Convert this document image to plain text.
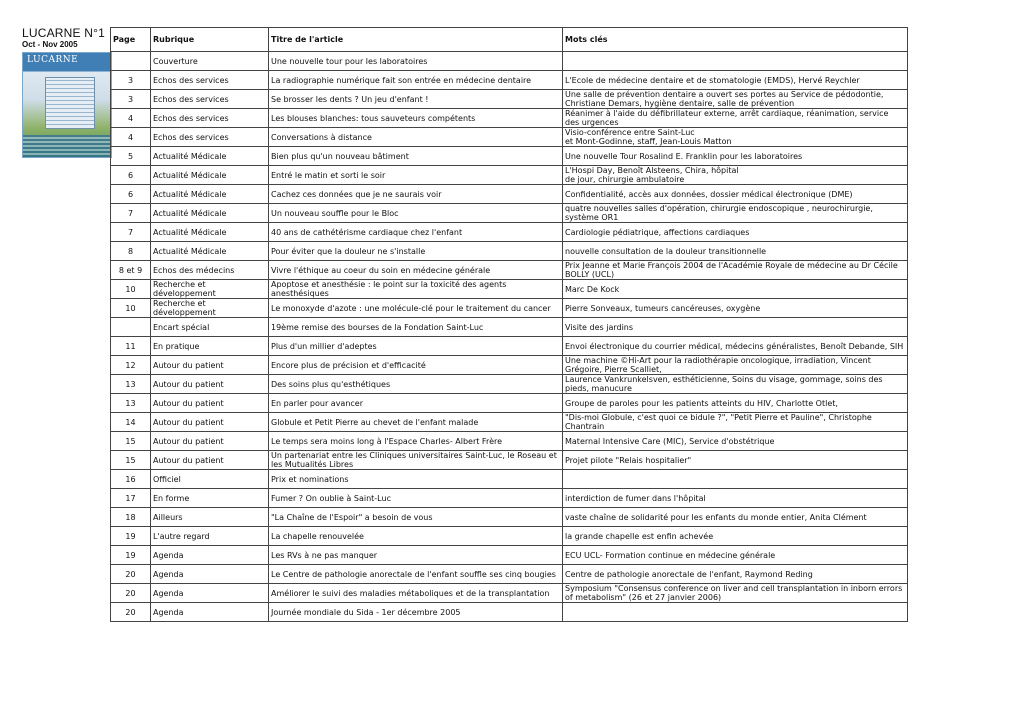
LUCARNE N°1
Oct - Nov 2005
LUCARNE
Page	Rubrique	Titre de l'article	Mots clés
	Couverture	Une nouvelle tour pour les laboratoires	
3	Echos des services	La radiographie numérique fait son entrée en médecine dentaire	L'Ecole de médecine dentaire et de stomatologie (EMDS), Hervé Reychler
3	Echos des services	Se brosser les dents ? Un jeu d'enfant !	Une salle de prévention dentaire a ouvert ses portes au Service de pédodontie, Christiane Demars, hygiène dentaire, salle de prévention
4	Echos des services	Les blouses blanches: tous sauveteurs compétents	Réanimer à l'aide du défibrillateur externe, arrêt cardiaque, réanimation, service des urgences
4	Echos des services	Conversations à distance	Visio-conférence entre Saint-Luc
et Mont-Godinne, staff, Jean-Louis Matton
5	Actualité Médicale	Bien plus qu'un nouveau bâtiment	Une nouvelle Tour Rosalind E. Franklin pour les laboratoires
6	Actualité Médicale	Entré le matin et sorti le soir	L'Hospi Day, Benoît Alsteens, Chira, hôpital
de jour, chirurgie ambulatoire
6	Actualité Médicale	Cachez ces données que je ne saurais voir	Confidentialité, accès aux données, dossier médical électronique (DME)
7	Actualité Médicale	Un nouveau souffle pour le Bloc	quatre nouvelles salles d'opération, chirurgie endoscopique , neurochirurgie, système OR1
7	Actualité Médicale	40 ans de cathétérisme cardiaque chez l'enfant	Cardiologie pédiatrique, affections cardiaques
8	Actualité Médicale	Pour éviter que la douleur ne s'installe	nouvelle consultation de la douleur transitionnelle
8 et 9	Echos des médecins	Vivre l'éthique au coeur du soin en médecine générale	Prix Jeanne et Marie François 2004 de l'Académie Royale de médecine au Dr Cécile BOLLY (UCL)
10	Recherche et développement	Apoptose et anesthésie : le point sur la toxicité des agents anesthésiques	Marc De Kock
10	Recherche et développement	Le monoxyde d'azote : une molécule-clé pour le traitement du cancer	Pierre Sonveaux, tumeurs cancéreuses, oxygène
	Encart spécial	19ème remise des bourses de la Fondation Saint-Luc	Visite des jardins
11	En pratique	Plus d'un millier d'adeptes	Envoi électronique du courrier médical, médecins généralistes, Benoît Debande, SIH
12	Autour du patient	Encore plus de précision et d'efficacité	Une machine ©Hi-Art pour la radiothérapie oncologique, irradiation, Vincent Grégoire, Pierre Scalliet,
13	Autour du patient	Des soins plus qu'esthétiques	Laurence Vankrunkelsven, esthéticienne, Soins du visage, gommage, soins des pieds, manucure
13	Autour du patient	En parler pour avancer	Groupe de paroles pour les patients atteints du HIV, Charlotte Otlet,
14	Autour du patient	Globule et Petit Pierre au chevet de l'enfant malade	"Dis-moi Globule, c'est quoi ce bidule ?", "Petit Pierre et Pauline", Christophe Chantrain
15	Autour du patient	Le temps sera moins long à l'Espace Charles- Albert Frère	Maternal Intensive Care (MIC), Service d'obstétrique
15	Autour du patient	Un partenariat entre les Cliniques universitaires Saint-Luc, le Roseau et les Mutualités Libres	Projet pilote "Relais hospitalier"
16	Officiel	Prix et nominations	
17	En forme	Fumer ? On oublie à Saint-Luc	interdiction de fumer dans l'hôpital
18	Ailleurs	"La Chaîne de l'Espoir" a besoin de vous	vaste chaîne de solidarité pour les enfants du monde entier, Anita Clément
19	L'autre regard	La chapelle renouvelée	la grande chapelle est enfin achevée
19	Agenda	Les RVs à ne pas manquer	ECU UCL- Formation continue en médecine générale
20	Agenda	Le Centre de pathologie anorectale de l'enfant souffle ses cinq bougies	Centre de pathologie anorectale de l'enfant, Raymond Reding
20	Agenda	Améliorer le suivi des maladies métaboliques et de la transplantation	Symposium "Consensus conference on liver and cell transplantation in inborn errors of metabolism" (26 et 27 janvier 2006)
20	Agenda	Journée mondiale du Sida - 1er décembre 2005	
